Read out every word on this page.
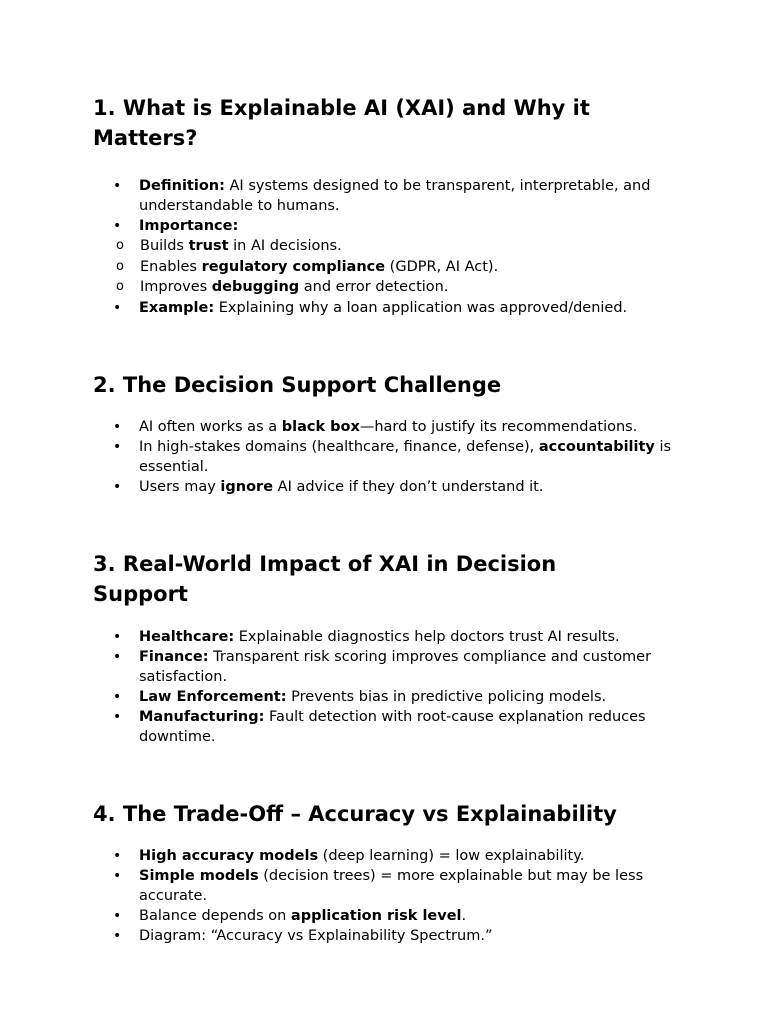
1. What is Explainable AI (XAI) and Why it Matters?
• Definition: AI systems designed to be transparent, interpretable, and understandable to humans.
• Importance:
o Builds trust in AI decisions.
o Enables regulatory compliance (GDPR, AI Act).
o Improves debugging and error detection.
• Example: Explaining why a loan application was approved/denied.
2. The Decision Support Challenge
• AI often works as a black box—hard to justify its recommendations.
• In high-stakes domains (healthcare, finance, defense), accountability is essential.
• Users may ignore AI advice if they don’t understand it.
3. Real-World Impact of XAI in Decision Support
• Healthcare: Explainable diagnostics help doctors trust AI results.
• Finance: Transparent risk scoring improves compliance and customer satisfaction.
• Law Enforcement: Prevents bias in predictive policing models.
• Manufacturing: Fault detection with root-cause explanation reduces downtime.
4. The Trade-Off – Accuracy vs Explainability
• High accuracy models (deep learning) = low explainability.
• Simple models (decision trees) = more explainable but may be less accurate.
• Balance depends on application risk level.
• Diagram: “Accuracy vs Explainability Spectrum.”
